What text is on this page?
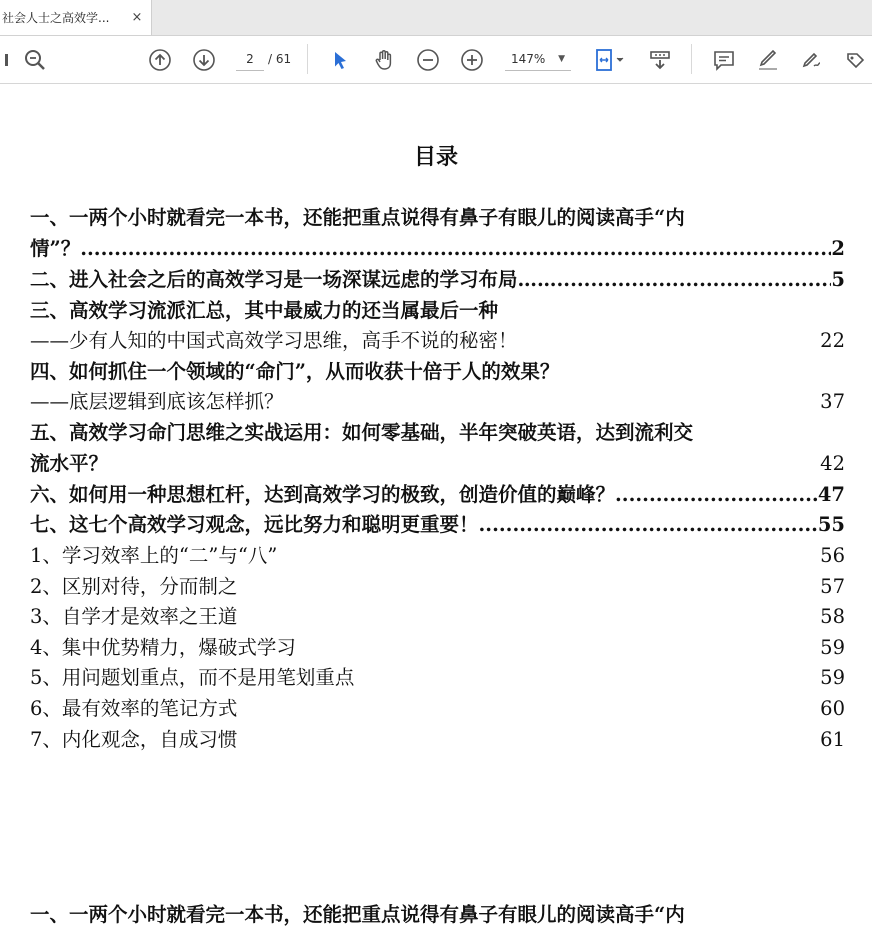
社会人士之高效学...	×
2	/ 61	147% ▼
目录
一、一两个小时就看完一本书，还能把重点说得有鼻子有眼儿的阅读高手“内
情”？ .....	2
二、进入社会之后的高效学习是一场深谋远虑的学习布局…… .....	5
三、高效学习流派汇总，其中最威力的还当属最后一种
——少有人知的中国式高效学习思维，高手不说的秘密！	22
四、如何抓住一个领域的“命门”，从而收获十倍于人的效果？
——底层逻辑到底该怎样抓？	37
五、高效学习命门思维之实战运用：如何零基础，半年突破英语，达到流利交
流水平？	42
六、如何用一种思想杠杆，达到高效学习的极致，创造价值的巅峰？ .....	47
七、这七个高效学习观念，远比努力和聪明更重要！ .....	55
1、学习效率上的“二”与“八”	56
2、区别对待，分而制之	57
3、自学才是效率之王道	58
4、集中优势精力，爆破式学习	59
5、用问题划重点，而不是用笔划重点	59
6、最有效率的笔记方式	60
7、内化观念，自成习惯	61
一、一两个小时就看完一本书，还能把重点说得有鼻子有眼儿的阅读高手“内
